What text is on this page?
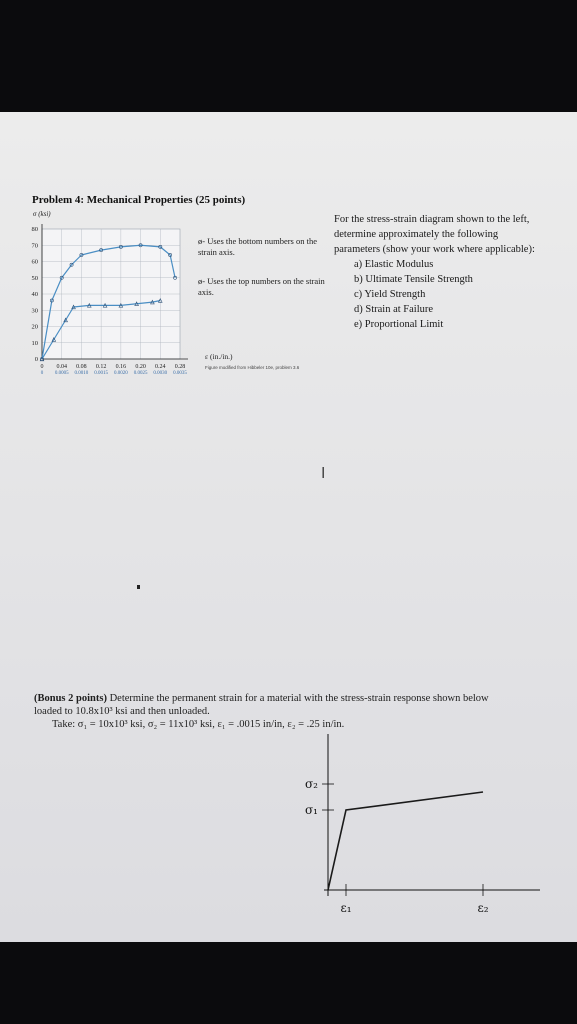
Problem 4: Mechanical Properties (25 points)
σ (ksi)
80
70
60
50
40
30
20
10
0
0 0.04 0.08 0.12 0.16 0.20 0.24 0.28
0 0.0005 0.0010 0.0015 0.0020 0.0025 0.0030 0.0035
ø- Uses the bottom numbers on the strain axis.
ø- Uses the top numbers on the strain axis.
ε (in./in.)
Figure modified from Hibbeler 10e, problem 3.6
For the stress-strain diagram shown to the left, determine approximately the following parameters (show your work where applicable):
a) Elastic Modulus
b) Ultimate Tensile Strength
c) Yield Strength
d) Strain at Failure
e) Proportional Limit
I
(Bonus 2 points) Determine the permanent strain for a material with the stress-strain response shown below loaded to 10.8x10³ ksi and then unloaded.
Take: σ₁ = 10x10³ ksi, σ₂ = 11x10³ ksi, ε₁ = .0015 in/in, ε₂ = .25 in/in.
σ₂
σ₁
ε₁	ε₂
